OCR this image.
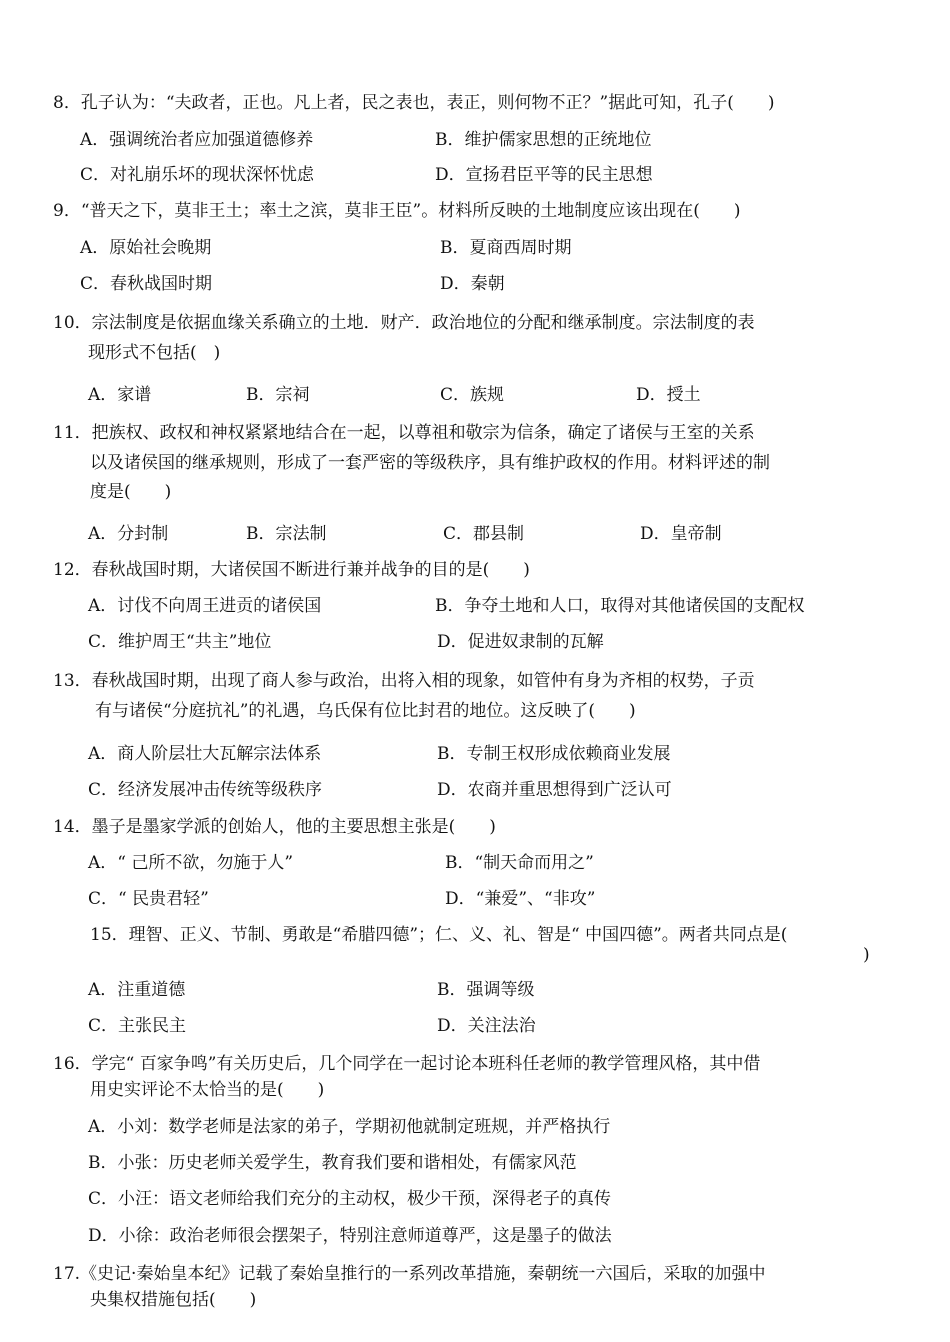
8．孔子认为：“夫政者，正也。凡上者，民之表也，表正，则何物不正？”据此可知，孔子(　　)
A．强调统治者应加强道德修养	B．维护儒家思想的正统地位
C．对礼崩乐坏的现状深怀忧虑	D．宣扬君臣平等的民主思想
9．“普天之下，莫非王土；率土之滨，莫非王臣”。材料所反映的土地制度应该出现在(　　)
A．原始社会晚期	B．夏商西周时期
C．春秋战国时期	D．秦朝
10．宗法制度是依据血缘关系确立的土地．财产．政治地位的分配和继承制度。宗法制度的表
现形式不包括(　)
A．家谱	B．宗祠	C．族规	D．授土
11．把族权、政权和神权紧紧地结合在一起，以尊祖和敬宗为信条，确定了诸侯与王室的关系
以及诸侯国的继承规则，形成了一套严密的等级秩序，具有维护政权的作用。材料评述的制
度是(　　)
A．分封制	B．宗法制	C．郡县制	D．皇帝制
12．春秋战国时期，大诸侯国不断进行兼并战争的目的是(　　)
A．讨伐不向周王进贡的诸侯国	B．争夺土地和人口，取得对其他诸侯国的支配权
C．维护周王“共主”地位	D．促进奴隶制的瓦解
13．春秋战国时期，出现了商人参与政治，出将入相的现象，如管仲有身为齐相的权势，子贡
有与诸侯“分庭抗礼”的礼遇，乌氏保有位比封君的地位。这反映了(　　)
A．商人阶层壮大瓦解宗法体系	B．专制王权形成依赖商业发展
C．经济发展冲击传统等级秩序	D．农商并重思想得到广泛认可
14．墨子是墨家学派的创始人，他的主要思想主张是(　　)
A．“ 己所不欲，勿施于人”	B．“制天命而用之”
C．“ 民贵君轻”	D．“兼爱”、“非攻”
15．理智、正义、节制、勇敢是“希腊四德”；仁、义、礼、智是“ 中国四德”。两者共同点是(
)
A．注重道德	B．强调等级
C．主张民主	D．关注法治
16．学完“ 百家争鸣”有关历史后，几个同学在一起讨论本班科任老师的教学管理风格，其中借
用史实评论不太恰当的是(　　)
A．小刘：数学老师是法家的弟子，学期初他就制定班规，并严格执行
B．小张：历史老师关爱学生，教育我们要和谐相处，有儒家风范
C．小汪：语文老师给我们充分的主动权，极少干预，深得老子的真传
D．小徐：政治老师很会摆架子，特别注意师道尊严，这是墨子的做法
17.《史记·秦始皇本纪》记载了秦始皇推行的一系列改革措施，秦朝统一六国后，采取的加强中
央集权措施包括(　　)
